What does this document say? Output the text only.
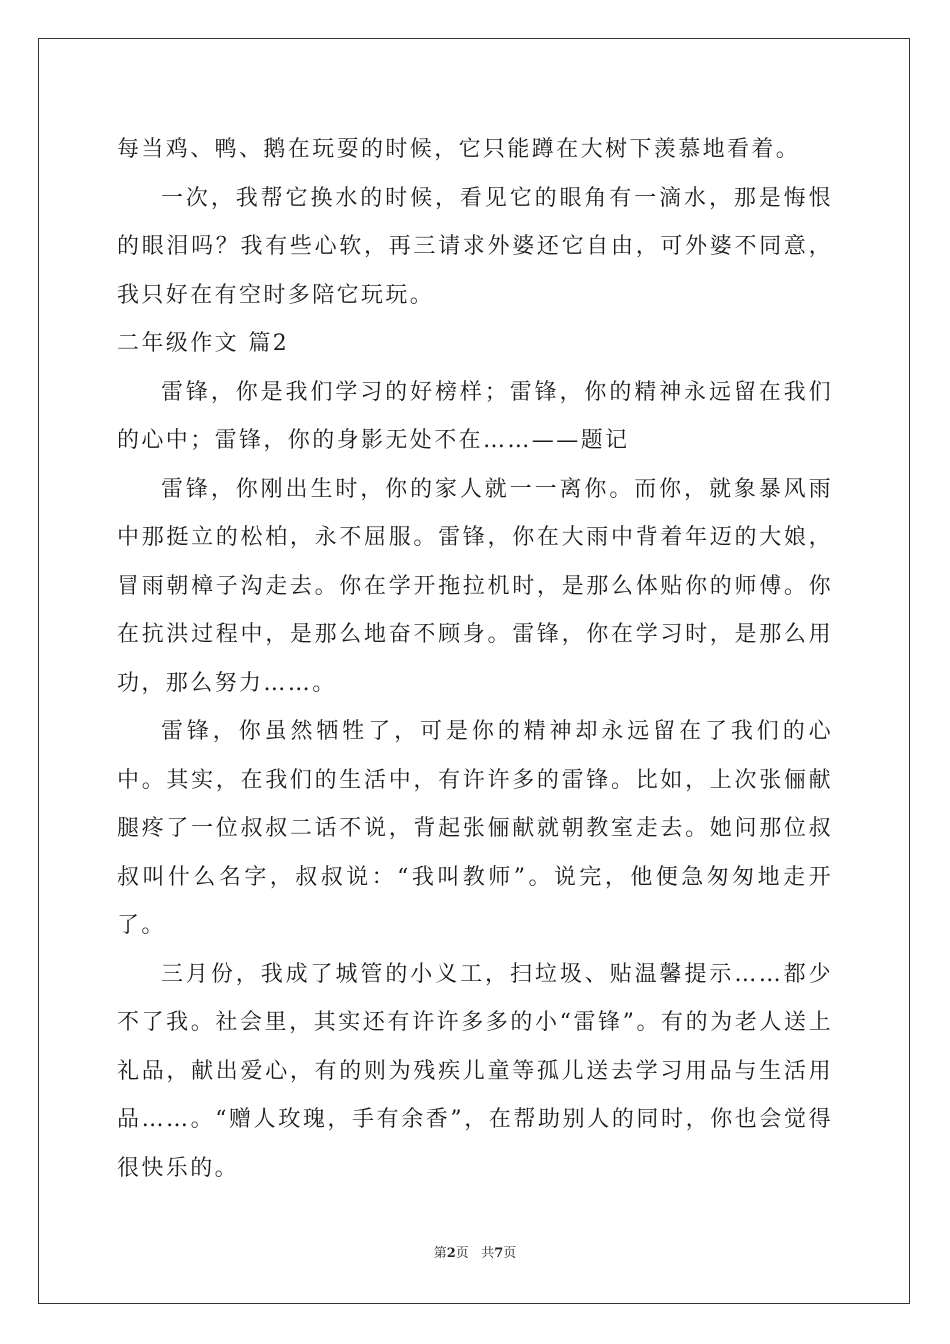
每当鸡、鸭、鹅在玩耍的时候，它只能蹲在大树下羡慕地看着。

一次，我帮它换水的时候，看见它的眼角有一滴水，那是悔恨的眼泪吗？我有些心软，再三请求外婆还它自由，可外婆不同意，我只好在有空时多陪它玩玩。

二年级作文 篇2

雷锋，你是我们学习的好榜样；雷锋，你的精神永远留在我们的心中；雷锋，你的身影无处不在……——题记

雷锋，你刚出生时，你的家人就一一离你。而你，就象暴风雨中那挺立的松柏，永不屈服。雷锋，你在大雨中背着年迈的大娘，冒雨朝樟子沟走去。你在学开拖拉机时，是那么体贴你的师傅。你在抗洪过程中，是那么地奋不顾身。雷锋，你在学习时，是那么用功，那么努力……。

雷锋，你虽然牺牲了，可是你的精神却永远留在了我们的心中。其实，在我们的生活中，有许许多的雷锋。比如，上次张俪献腿疼了一位叔叔二话不说，背起张俪献就朝教室走去。她问那位叔叔叫什么名字，叔叔说：“我叫教师”。说完，他便急匆匆地走开了。

三月份，我成了城管的小义工，扫垃圾、贴温馨提示……都少不了我。社会里，其实还有许许多多的小“雷锋”。有的为老人送上礼品，献出爱心，有的则为残疾儿童等孤儿送去学习用品与生活用品……。“赠人玫瑰，手有余香”，在帮助别人的同时，你也会觉得很快乐的。

第2页   共7页
